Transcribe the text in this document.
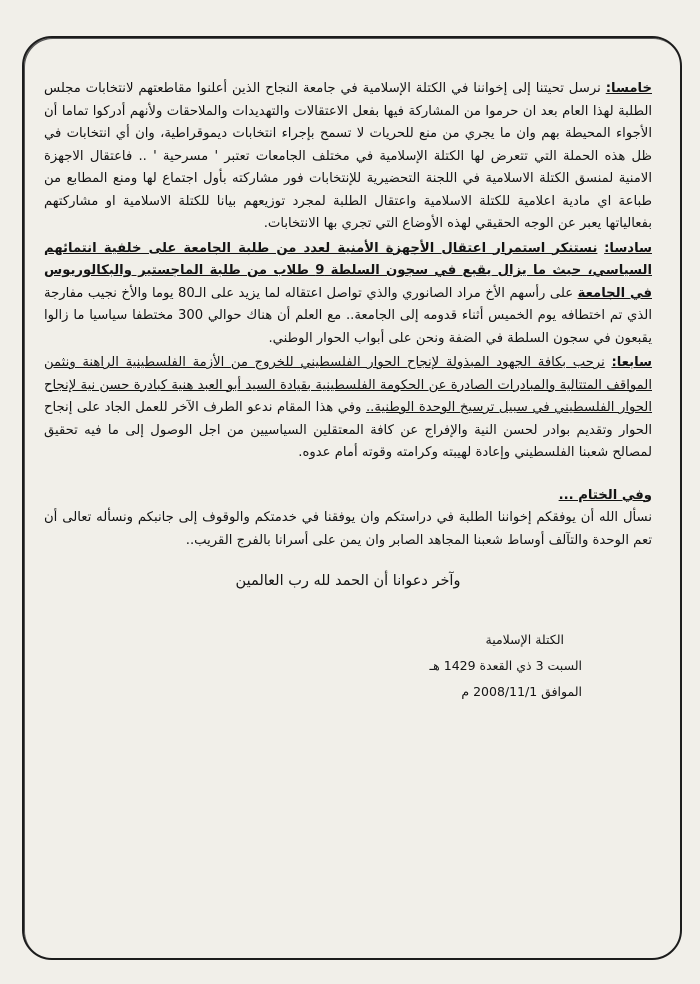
خامسا: نرسل تحيتنا إلى إخواننا في الكتلة الإسلامية في جامعة النجاح الذين أعلنوا مقاطعتهم لانتخابات مجلس الطلبة لهذا العام بعد ان حرموا من المشاركة فيها بفعل الاعتقالات والتهديدات والملاحقات ولأنهم أدركوا تماما أن الأجواء المحيطة بهم وان ما يجري من منع للحريات لا تسمح بإجراء انتخابات ديموقراطية، وان أي انتخابات في ظل هذه الحملة التي تتعرض لها الكتلة الإسلامية في مختلف الجامعات تعتبر ' مسرحية ' .. فاعتقال الاجهزة الامنية لمنسق الكتلة الاسلامية في اللجنة التحضيرية للإنتخابات فور مشاركته بأول اجتماع لها ومنع المطابع من طباعة اي مادية اعلامية للكتلة الاسلامية واعتقال الطلبة لمجرد توزيعهم بيانا للكتلة الاسلامية او مشاركتهم بفعالياتها يعبر عن الوجه الحقيقي لهذه الأوضاع التي تجري بها الانتخابات.

سادسا: نستنكر استمرار اعتقال الأجهزة الأمنية لعدد من طلبة الجامعة على خلفية انتمائهم السياسي، حيث ما يزال يقبع في سجون السلطة 9 طلاب من طلبة الماجستير والبكالوريوس في الجامعة على رأسهم الأخ مراد الصانوري والذي تواصل اعتقاله لما يزيد على الـ80 يوما والأخ نجيب مفارجة الذي تم اختطافه يوم الخميس أثناء قدومه إلى الجامعة.. مع العلم أن هناك حوالي 300 مختطفا سياسيا ما زالوا يقبعون في سجون السلطة في الضفة ونحن على أبواب الحوار الوطني.

سابعا: نرحب بكافة الجهود المبذولة لإنجاح الحوار الفلسطيني للخروج من الأزمة الفلسطينية الراهنة ونثمن المواقف المتتالية والمبادرات الصادرة عن الحكومة الفلسطينية بقيادة السيد أبو العبد هنية كبادرة حسن نية لإنجاح الحوار الفلسطيني في سبيل ترسيخ الوحدة الوطنية.. وفي هذا المقام ندعو الطرف الآخر للعمل الجاد على إنجاح الحوار وتقديم بوادر لحسن النية والإفراج عن كافة المعتقلين السياسيين من اجل الوصول إلى ما فيه تحقيق لمصالح شعبنا الفلسطيني وإعادة لهيبته وكرامته وقوته أمام عدوه.

وفي الختام ...

نسأل الله أن يوفقكم إخواننا الطلبة في دراستكم وان يوفقنا في خدمتكم والوقوف إلى جانبكم ونسأله تعالى أن تعم الوحدة والتآلف أوساط شعبنا المجاهد الصابر وان يمن على أسرانا بالفرج القريب..

وآخر دعوانا أن الحمد لله رب العالمين
الكتلة الإسلامية
السبت 3 ذي القعدة 1429 هـ
الموافق 2008/11/1 م
